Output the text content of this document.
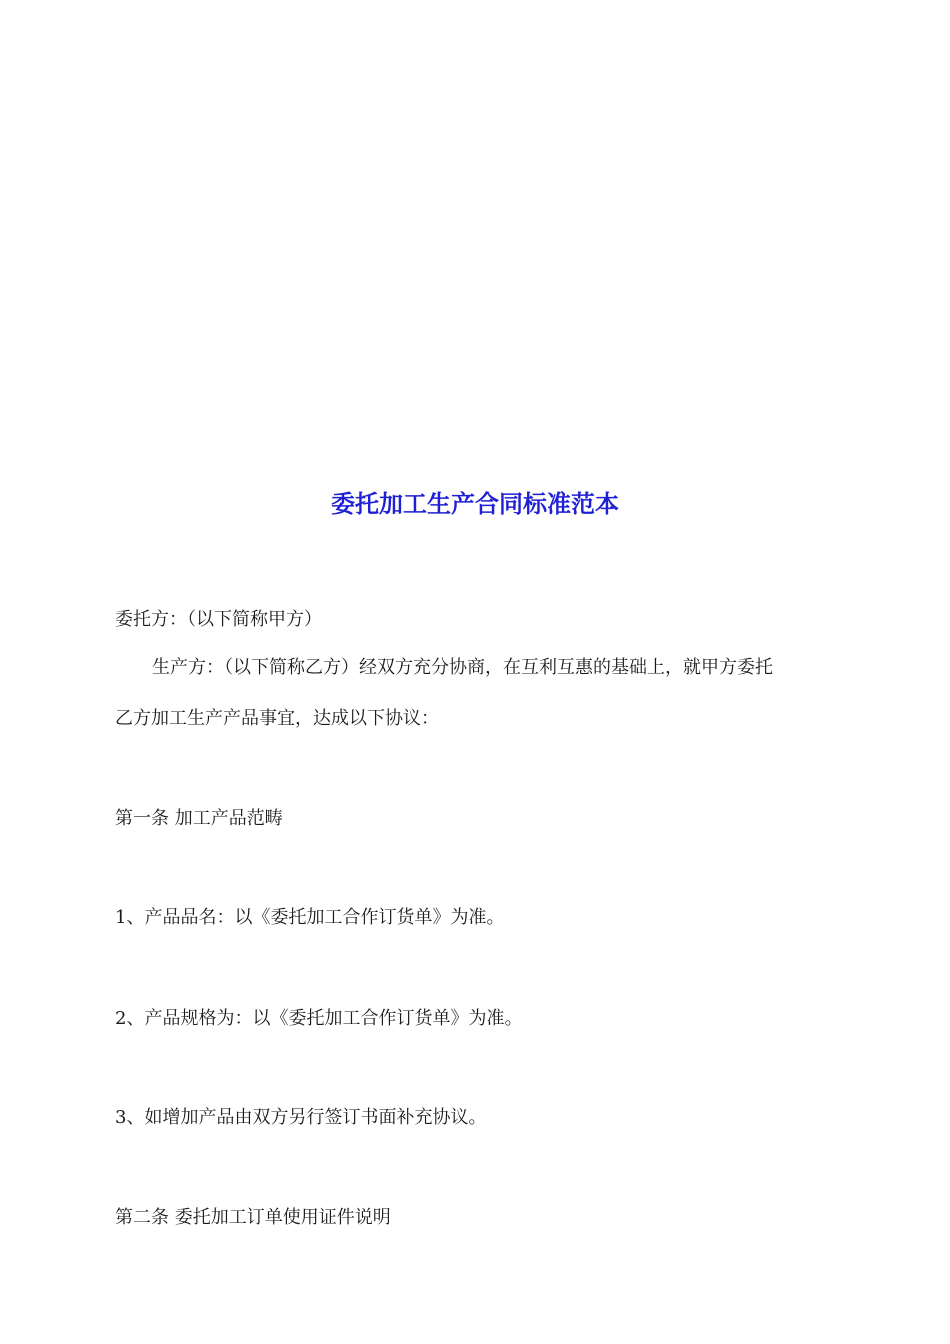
委托加工生产合同标准范本
委托方：（以下简称甲方）
生产方：（以下简称乙方）经双方充分协商，在互利互惠的基础上，就甲方委托
乙方加工生产产品事宜，达成以下协议：
第一条 加工产品范畴
1、产品品名：以《委托加工合作订货单》为准。
2、产品规格为：以《委托加工合作订货单》为准。
3、如增加产品由双方另行签订书面补充协议。
第二条 委托加工订单使用证件说明
